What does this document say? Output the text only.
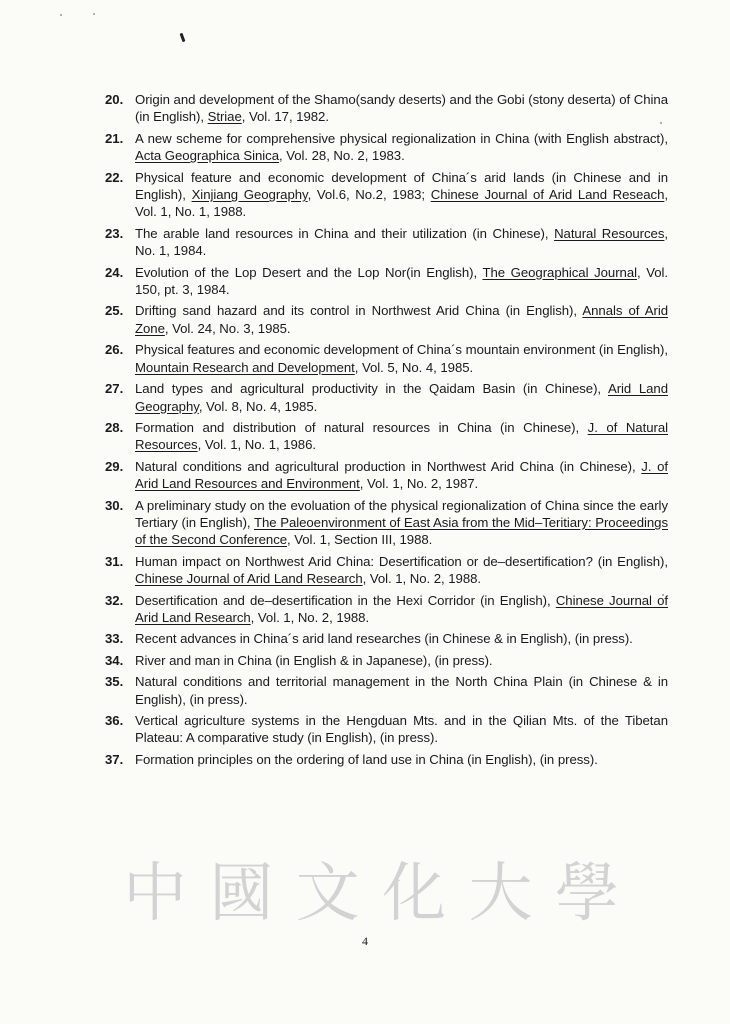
20. Origin and development of the Shamo(sandy deserts) and the Gobi (stony deserta) of China (in English), Striae, Vol. 17, 1982.
21. A new scheme for comprehensive physical regionalization in China (with English abstract), Acta Geographica Sinica, Vol. 28, No. 2, 1983.
22. Physical feature and economic development of China´s arid lands (in Chinese and in English), Xinjiang Geography, Vol.6, No.2, 1983; Chinese Journal of Arid Land Reseach, Vol. 1, No. 1, 1988.
23. The arable land resources in China and their utilization (in Chinese), Natural Resources, No. 1, 1984.
24. Evolution of the Lop Desert and the Lop Nor(in English), The Geographical Journal, Vol. 150, pt. 3, 1984.
25. Drifting sand hazard and its control in Northwest Arid China (in English), Annals of Arid Zone, Vol. 24, No. 3, 1985.
26. Physical features and economic development of China´s mountain environment (in English), Mountain Research and Development, Vol. 5, No. 4, 1985.
27. Land types and agricultural productivity in the Qaidam Basin (in Chinese), Arid Land Geography, Vol. 8, No. 4, 1985.
28. Formation and distribution of natural resources in China (in Chinese), J. of Natural Resources, Vol. 1, No. 1, 1986.
29. Natural conditions and agricultural production in Northwest Arid China (in Chinese), J. of Arid Land Resources and Environment, Vol. 1, No. 2, 1987.
30. A preliminary study on the evoluation of the physical regionalization of China since the early Tertiary (in English), The Paleoenvironment of East Asia from the Mid–Teritiary: Proceedings of the Second Conference, Vol. 1, Section III, 1988.
31. Human impact on Northwest Arid China: Desertification or de–desertification? (in English), Chinese Journal of Arid Land Research, Vol. 1, No. 2, 1988.
32. Desertification and de–desertification in the Hexi Corridor (in English), Chinese Journal of Arid Land Research, Vol. 1, No. 2, 1988.
33. Recent advances in China´s arid land researches (in Chinese & in English), (in press).
34. River and man in China (in English & in Japanese), (in press).
35. Natural conditions and territorial management in the North China Plain (in Chinese & in English), (in press).
36. Vertical agriculture systems in the Hengduan Mts. and in the Qilian Mts. of the Tibetan Plateau: A comparative study (in English), (in press).
37. Formation principles on the ordering of land use in China (in English), (in press).
中 國 文 化 大 學
4
